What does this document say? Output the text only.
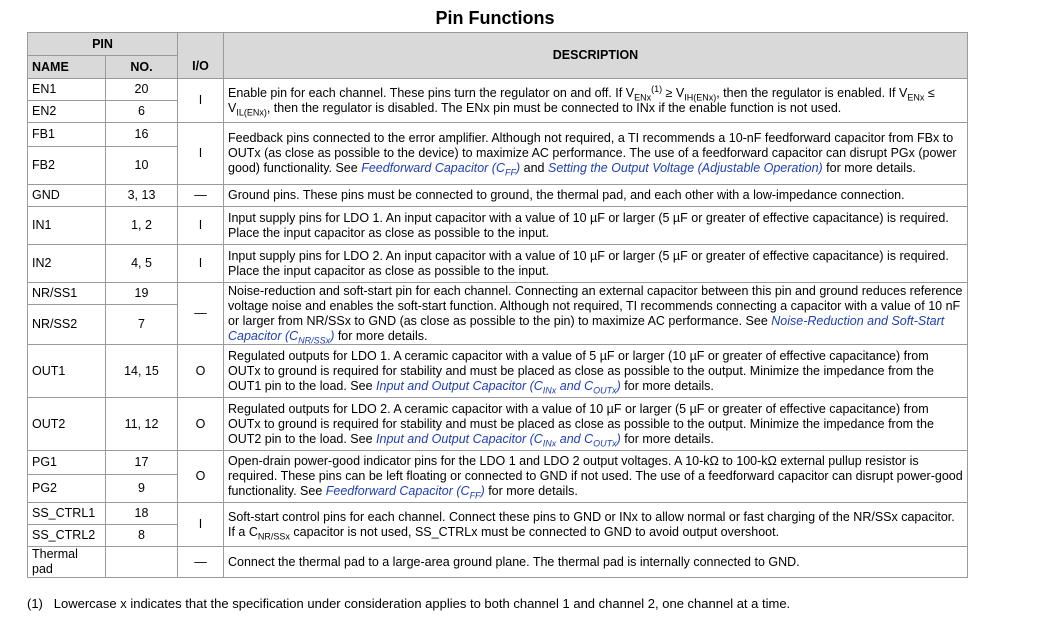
Pin Functions
PIN		I/O	DESCRIPTION
NAME	NO.		
EN1	20	I	Enable pin for each channel. These pins turn the regulator on and off. If $V_{ENx}^{(1)} \ge V_{IH(ENx)}$, then the regulator is enabled. If $V_{ENx} \le V_{IL(ENx)}$, then the regulator is disabled. The ENx pin must be connected to INx if the enable function is not used.
EN2	6		
FB1	16	I	Feedback pins connected to the error amplifier. Although not required, a TI recommends a 10-nF feedforward capacitor from FBx to OUTx (as close as possible to the device) to maximize AC performance. The use of a feedforward capacitor can disrupt PGx (power good) functionality. See Feedforward Capacitor $(C_{FF})$ and Setting the Output Voltage (Adjustable Operation) for more details.
FB2	10		
GND	3, 13	—	Ground pins. These pins must be connected to ground, the thermal pad, and each other with a low-impedance connection.
IN1	1, 2	I	Input supply pins for LDO 1. An input capacitor with a value of 10 µF or larger (5 µF or greater of effective capacitance) is required. Place the input capacitor as close as possible to the input.
IN2	4, 5	I	Input supply pins for LDO 2. An input capacitor with a value of 10 µF or larger (5 µF or greater of effective capacitance) is required. Place the input capacitor as close as possible to the input.
NR/SS1	19	—	Noise-reduction and soft-start pin for each channel. Connecting an external capacitor between this pin and ground reduces reference voltage noise and enables the soft-start function. Although not required, TI recommends connecting a capacitor with a value of 10 nF or larger from NR/SSx to GND (as close as possible to the pin) to maximize AC performance. See Noise-Reduction and Soft-Start Capacitor $(C_{NR/SSx})$ for more details.
NR/SS2	7		
OUT1	14, 15	O	Regulated outputs for LDO 1. A ceramic capacitor with a value of 5 µF or larger (10 µF or greater of effective capacitance) from OUTx to ground is required for stability and must be placed as close as possible to the output. Minimize the impedance from the OUT1 pin to the load. See Input and Output Capacitor ($C_{INx}$ and $C_{OUTx}$) for more details.
OUT2	11, 12	O	Regulated outputs for LDO 2. A ceramic capacitor with a value of 10 µF or larger (5 µF or greater of effective capacitance) from OUTx to ground is required for stability and must be placed as close as possible to the output. Minimize the impedance from the OUT2 pin to the load. See Input and Output Capacitor ($C_{INx}$ and $C_{OUTx}$) for more details.
PG1	17	O	Open-drain power-good indicator pins for the LDO 1 and LDO 2 output voltages. A 10-kΩ to 100-kΩ external pullup resistor is required. These pins can be left floating or connected to GND if not used. The use of a feedforward capacitor can disrupt power-good functionality. See Feedforward Capacitor $(C_{FF})$ for more details.
PG2	9		
SS_CTRL1	18	I	Soft-start control pins for each channel. Connect these pins to GND or INx to allow normal or fast charging of the NR/SSx capacitor. If a $C_{NR/SSx}$ capacitor is not used, SS_CTRLx must be connected to GND to avoid output overshoot.
SS_CTRL2	8		
Thermal pad		—	Connect the thermal pad to a large-area ground plane. The thermal pad is internally connected to GND.
(1) Lowercase x indicates that the specification under consideration applies to both channel 1 and channel 2, one channel at a time.
